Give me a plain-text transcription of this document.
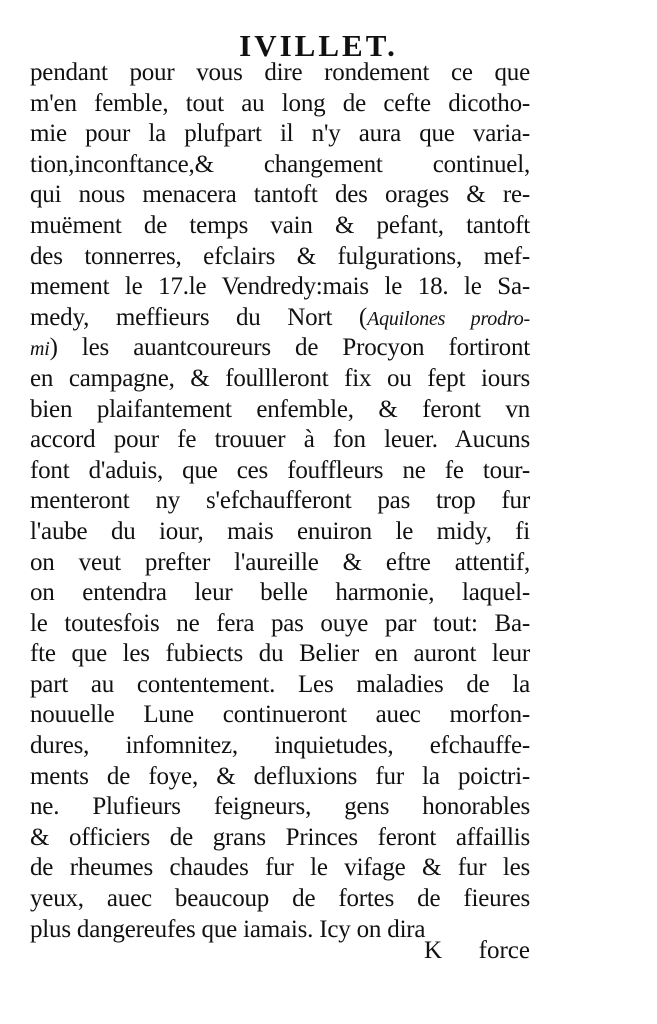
IVILLET.
pendant pour vous dire rondement ce que
m'en femble, tout au long de cefte dicotho-
mie pour la plufpart il n'y aura que varia-
tion,inconftance,& changement continuel,
qui nous menacera tantoft des orages & re-
muëment de temps vain & pefant, tantoft
des tonnerres, efclairs & fulgurations, mef-
mement le 17.le Vendredy:mais le 18. le Sa-
medy, meffieurs du Nort (Aquilones prodro-
mi) les auantcoureurs de Procyon fortiront
en campagne, & foullleront fix ou fept iours
bien plaifantement enfemble, & feront vn
accord pour fe trouuer à fon leuer. Aucuns
font d'aduis, que ces fouffleurs ne fe tour-
menteront ny s'efchaufferont pas trop fur
l'aube du iour, mais enuiron le midy, fi
on veut prefter l'aureille & eftre attentif,
on entendra leur belle harmonie, laquel-
le toutesfois ne fera pas ouye par tout: Ba-
fte que les fubiects du Belier en auront leur
part au contentement. Les maladies de la
nouuelle Lune continueront auec morfon-
dures, infomnitez, inquietudes, efchauffe-
ments de foye, & defluxions fur la poictri-
ne. Plufieurs feigneurs, gens honorables
& officiers de grans Princes feront affaillis
de rheumes chaudes fur le vifage & fur les
yeux, auec beaucoup de fortes de fieures
plus dangereufes que iamais. Icy on dira
K force
